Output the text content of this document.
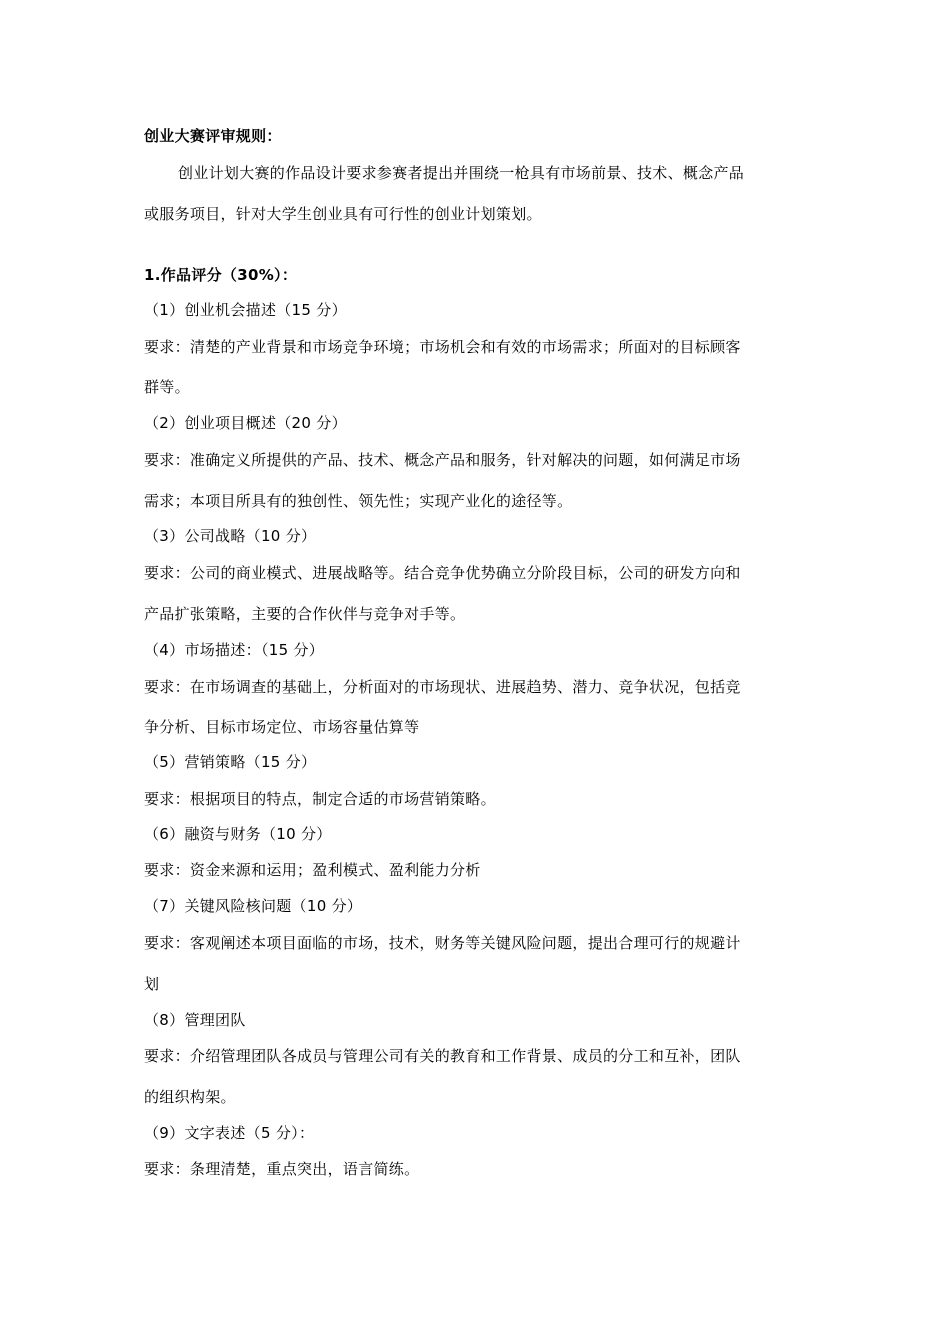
创业大赛评审规则：
创业计划大赛的作品设计要求参赛者提出并围绕一枪具有市场前景、技术、概念产品
或服务项目，针对大学生创业具有可行性的创业计划策划。
1.作品评分（30%）：
（1）创业机会描述（15 分）
要求：清楚的产业背景和市场竞争环境；市场机会和有效的市场需求；所面对的目标顾客
群等。
（2）创业项目概述（20 分）
要求：准确定义所提供的产品、技术、概念产品和服务，针对解决的问题，如何满足市场
需求；本项目所具有的独创性、领先性；实现产业化的途径等。
（3）公司战略（10 分）
要求：公司的商业模式、进展战略等。结合竞争优势确立分阶段目标，公司的研发方向和
产品扩张策略，主要的合作伙伴与竞争对手等。
（4）市场描述：（15 分）
要求：在市场调查的基础上，分析面对的市场现状、进展趋势、潜力、竞争状况，包括竞
争分析、目标市场定位、市场容量估算等
（5）营销策略（15 分）
要求：根据项目的特点，制定合适的市场营销策略。
（6）融资与财务（10 分）
要求：资金来源和运用；盈利模式、盈利能力分析
（7）关键风险核问题（10 分）
要求：客观阐述本项目面临的市场，技术，财务等关键风险问题，提出合理可行的规避计
划
（8）管理团队
要求：介绍管理团队各成员与管理公司有关的教育和工作背景、成员的分工和互补，团队
的组织构架。
（9）文字表述（5 分）：
要求：条理清楚，重点突出，语言简练。
